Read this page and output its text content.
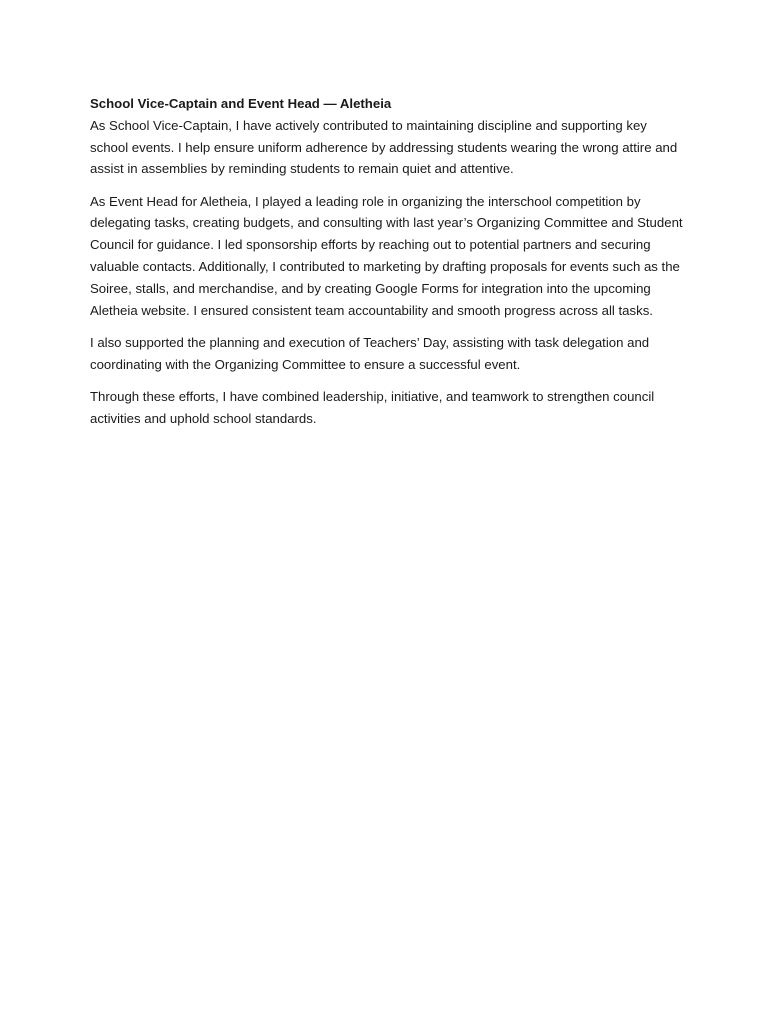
School Vice-Captain and Event Head — Aletheia

As School Vice-Captain, I have actively contributed to maintaining discipline and supporting key school events. I help ensure uniform adherence by addressing students wearing the wrong attire and assist in assemblies by reminding students to remain quiet and attentive.

As Event Head for Aletheia, I played a leading role in organizing the interschool competition by delegating tasks, creating budgets, and consulting with last year’s Organizing Committee and Student Council for guidance. I led sponsorship efforts by reaching out to potential partners and securing valuable contacts. Additionally, I contributed to marketing by drafting proposals for events such as the Soiree, stalls, and merchandise, and by creating Google Forms for integration into the upcoming Aletheia website. I ensured consistent team accountability and smooth progress across all tasks.

I also supported the planning and execution of Teachers’ Day, assisting with task delegation and coordinating with the Organizing Committee to ensure a successful event.

Through these efforts, I have combined leadership, initiative, and teamwork to strengthen council activities and uphold school standards.
